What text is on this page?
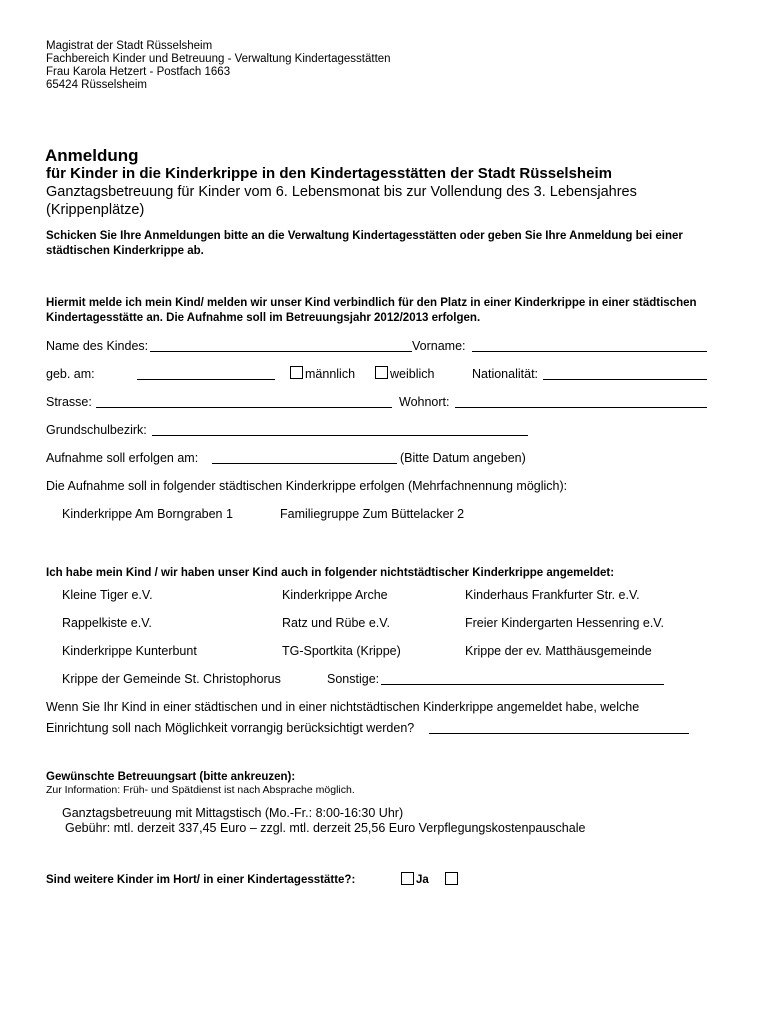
Magistrat der Stadt Rüsselsheim
Fachbereich Kinder und Betreuung - Verwaltung Kindertagesstätten
Frau Karola Hetzert - Postfach 1663
65424 Rüsselsheim
Anmeldung
für Kinder in die Kinderkrippe in den Kindertagesstätten der Stadt Rüsselsheim
Ganztagsbetreuung für Kinder vom 6. Lebensmonat bis zur Vollendung des 3. Lebensjahres (Krippenplätze)
Schicken Sie Ihre Anmeldungen bitte an die Verwaltung Kindertagesstätten oder geben Sie Ihre Anmeldung bei einer städtischen Kinderkrippe ab.
Hiermit melde ich mein Kind/ melden wir unser Kind verbindlich für den Platz in einer Kinderkrippe in einer städtischen Kindertagesstätte an. Die Aufnahme soll im Betreuungsjahr 2012/2013 erfolgen.
Name des Kindes:	Vorname:
geb. am:	männlich	weiblich	Nationalität:
Strasse:	Wohnort:
Grundschulbezirk:
Aufnahme soll erfolgen am:	(Bitte Datum angeben)
Die Aufnahme soll in folgender städtischen Kinderkrippe erfolgen (Mehrfachnennung möglich):
Kinderkrippe Am Borngraben 1	Familiegruppe Zum Büttelacker 2
Ich habe mein Kind / wir haben unser Kind auch in folgender nichtstädtischer Kinderkrippe angemeldet:
Kleine Tiger e.V.	Kinderkrippe Arche	Kinderhaus Frankfurter Str. e.V.
Rappelkiste e.V.	Ratz und Rübe e.V.	Freier Kindergarten Hessenring e.V.
Kinderkrippe Kunterbunt	TG-Sportkita (Krippe)	Krippe der ev. Matthäusgemeinde
Krippe der Gemeinde St. Christophorus	Sonstige:
Wenn Sie Ihr Kind in einer städtischen und in einer nichtstädtischen Kinderkrippe angemeldet habe, welche
Einrichtung soll nach Möglichkeit vorrangig berücksichtigt werden?
Gewünschte Betreuungsart (bitte ankreuzen):
Zur Information: Früh- und Spätdienst ist nach Absprache möglich.
Ganztagsbetreuung mit Mittagstisch (Mo.-Fr.: 8:00-16:30 Uhr)
Gebühr: mtl. derzeit 337,45 Euro – zzgl. mtl. derzeit 25,56 Euro Verpflegungskostenpauschale
Sind weitere Kinder im Hort/ in einer Kindertagesstätte?:	Ja
